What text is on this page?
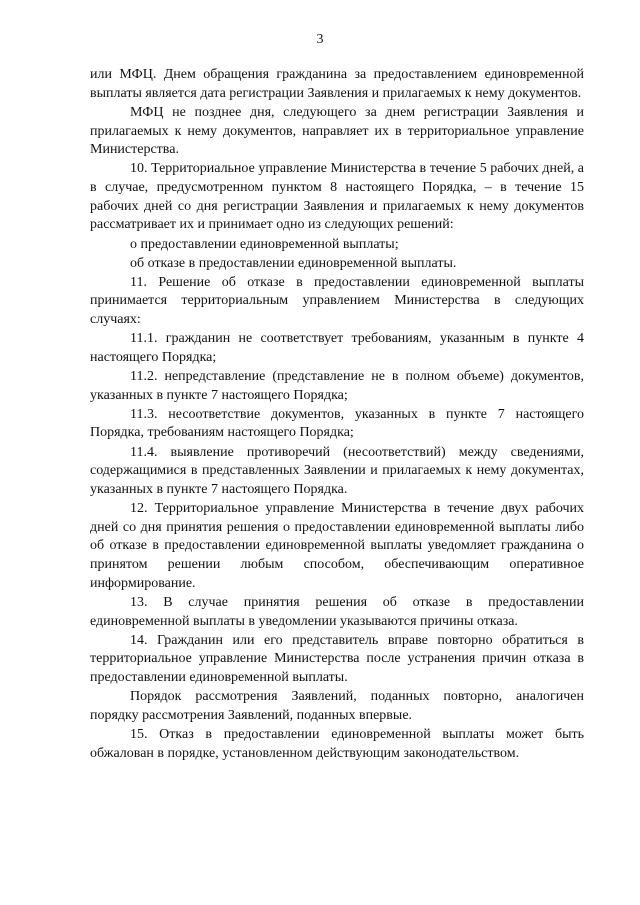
3

или МФЦ. Днем обращения гражданина за предоставлением единовременной выплаты является дата регистрации Заявления и прилагаемых к нему документов.

МФЦ не позднее дня, следующего за днем регистрации Заявления и прилагаемых к нему документов, направляет их в территориальное управление Министерства.

10. Территориальное управление Министерства в течение 5 рабочих дней, а в случае, предусмотренном пунктом 8 настоящего Порядка, – в течение 15 рабочих дней со дня регистрации Заявления и прилагаемых к нему документов рассматривает их и принимает одно из следующих решений:

о предоставлении единовременной выплаты;

об отказе в предоставлении единовременной выплаты.

11. Решение об отказе в предоставлении единовременной выплаты принимается территориальным управлением Министерства в следующих случаях:

11.1. гражданин не соответствует требованиям, указанным в пункте 4 настоящего Порядка;

11.2. непредставление (представление не в полном объеме) документов, указанных в пункте 7 настоящего Порядка;

11.3. несоответствие документов, указанных в пункте 7 настоящего Порядка, требованиям настоящего Порядка;

11.4. выявление противоречий (несоответствий) между сведениями, содержащимися в представленных Заявлении и прилагаемых к нему документах, указанных в пункте 7 настоящего Порядка.

12. Территориальное управление Министерства в течение двух рабочих дней со дня принятия решения о предоставлении единовременной выплаты либо об отказе в предоставлении единовременной выплаты уведомляет гражданина о принятом решении любым способом, обеспечивающим оперативное информирование.

13. В случае принятия решения об отказе в предоставлении единовременной выплаты в уведомлении указываются причины отказа.

14. Гражданин или его представитель вправе повторно обратиться в территориальное управление Министерства после устранения причин отказа в предоставлении единовременной выплаты.

Порядок рассмотрения Заявлений, поданных повторно, аналогичен порядку рассмотрения Заявлений, поданных впервые.

15. Отказ в предоставлении единовременной выплаты может быть обжалован в порядке, установленном действующим законодательством.
